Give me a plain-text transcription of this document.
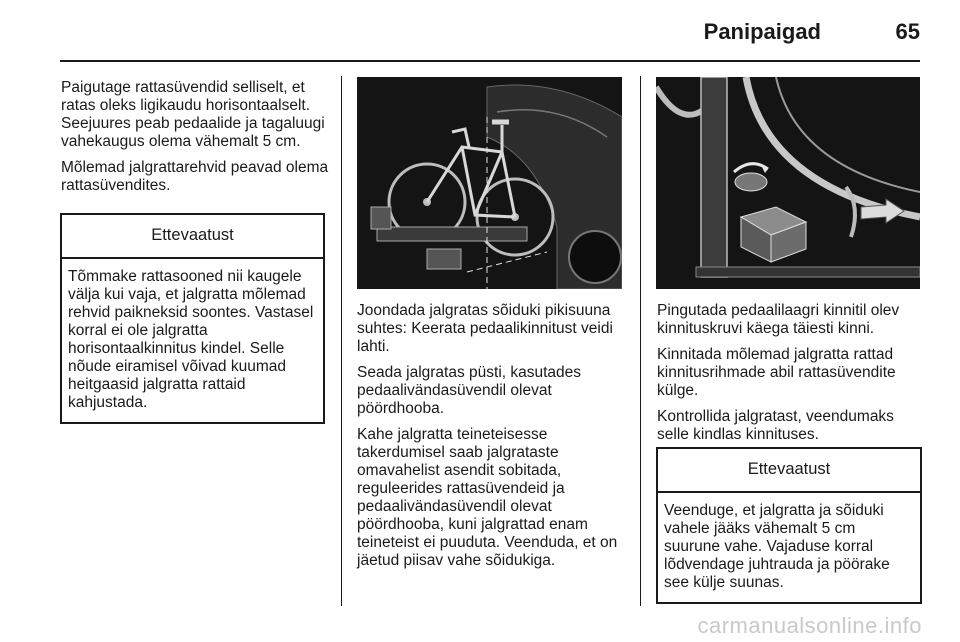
Panipaigad	65

Paigutage rattasüvendid selliselt, et ratas oleks ligikaudu horisontaalselt. Seejuures peab pedaalide ja tagaluugi vahekaugus olema vähemalt 5 cm.

Mõlemad jalgrattarehvid peavad olema rattasüvendites.

Ettevaatust
Tõmmake rattasooned nii kaugele välja kui vaja, et jalgratta mõlemad rehvid paikneksid soontes. Vastasel korral ei ole jalgratta horisontaalkinnitus kindel. Selle nõude eiramisel võivad kuumad heitgaasid jalgratta rattaid kahjustada.

Joondada jalgratas sõiduki pikisuuna suhtes: Keerata pedaalikinnitust veidi lahti.

Seada jalgratas püsti, kasutades pedaalivändasüvendil olevat pöördhooba.

Kahe jalgratta teineteisesse takerdumisel saab jalgrataste omavahelist asendit sobitada, reguleerides rattasüvendeid ja pedaalivändasüvendil olevat pöördhooba, kuni jalgrattad enam teineteist ei puuduta. Veenduda, et on jäetud piisav vahe sõidukiga.

Pingutada pedaalilaagri kinnitil olev kinnituskruvi käega täiesti kinni.

Kinnitada mõlemad jalgratta rattad kinnitusrihmade abil rattasüvendite külge.

Kontrollida jalgratast, veendumaks selle kindlas kinnituses.

Ettevaatust
Veenduge, et jalgratta ja sõiduki vahele jääks vähemalt 5 cm suurune vahe. Vajaduse korral lõdvendage juhtrauda ja pöörake see külje suunas.
carmanualsonline.info
